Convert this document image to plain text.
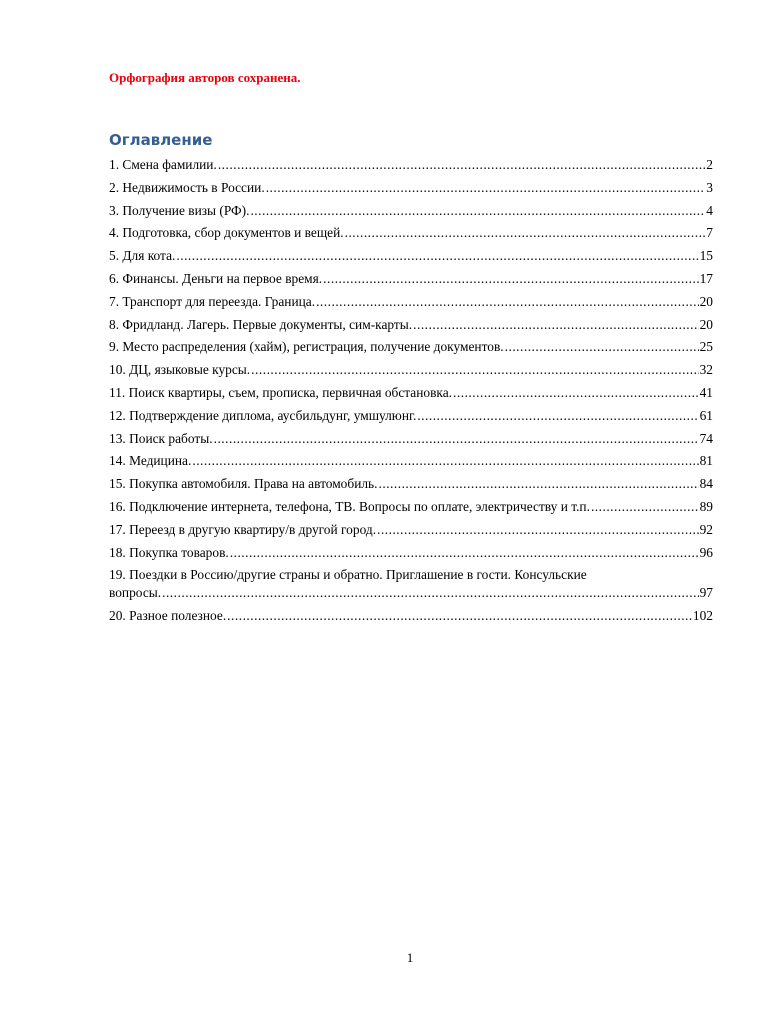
Орфография авторов сохранена.
Оглавление
1. Смена фамилии. .....	2
2. Недвижимость в России. .....	3
3. Получение визы (РФ). .....	4
4. Подготовка, сбор документов и вещей. .....	7
5. Для кота. .....	15
6. Финансы. Деньги на первое время. .....	17
7. Транспорт для переезда. Граница. .....	20
8. Фридланд. Лагерь. Первые документы, сим-карты. .....	20
9. Место распределения (хайм), регистрация, получение документов. .....	25
10. ДЦ, языковые курсы. .....	32
11. Поиск квартиры, съем, прописка, первичная обстановка. .....	41
12. Подтверждение диплома, аусбильдунг, умшулюнг. .....	61
13. Поиск работы. .....	74
14. Медицина. .....	81
15. Покупка автомобиля. Права на автомобиль. .....	84
16. Подключение интернета, телефона, ТВ. Вопросы по оплате, электричеству и т.п. .....	89
17. Переезд в другую квартиру/в другой город. .....	92
18. Покупка товаров. .....	96
19. Поездки в Россию/другие страны и обратно. Приглашение в гости. Консульские
вопросы. .....	97
20. Разное полезное. .....	102
1
